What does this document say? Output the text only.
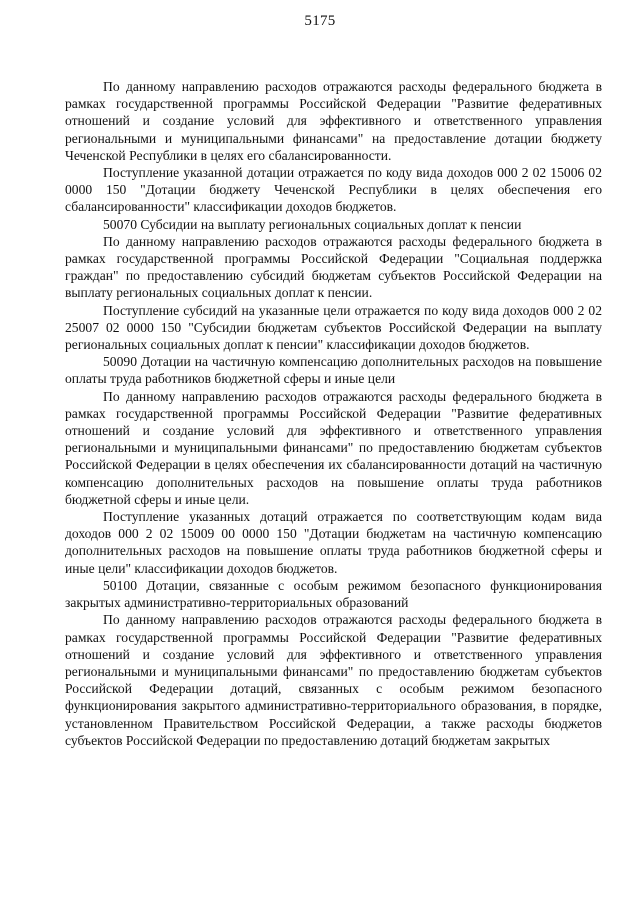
5175

По данному направлению расходов отражаются расходы федерального бюджета в рамках государственной программы Российской Федерации "Развитие федеративных отношений и создание условий для эффективного и ответственного управления региональными и муниципальными финансами" на предоставление дотации бюджету Чеченской Республики в целях его сбалансированности.

Поступление указанной дотации отражается по коду вида доходов 000 2 02 15006 02 0000 150 "Дотации бюджету Чеченской Республики в целях обеспечения его сбалансированности" классификации доходов бюджетов.

50070 Субсидии на выплату региональных социальных доплат к пенсии

По данному направлению расходов отражаются расходы федерального бюджета в рамках государственной программы Российской Федерации "Социальная поддержка граждан" по предоставлению субсидий бюджетам субъектов Российской Федерации на выплату региональных социальных доплат к пенсии.

Поступление субсидий на указанные цели отражается по коду вида доходов 000 2 02 25007 02 0000 150 "Субсидии бюджетам субъектов Российской Федерации на выплату региональных социальных доплат к пенсии" классификации доходов бюджетов.

50090 Дотации на частичную компенсацию дополнительных расходов на повышение оплаты труда работников бюджетной сферы и иные цели

По данному направлению расходов отражаются расходы федерального бюджета в рамках государственной программы Российской Федерации "Развитие федеративных отношений и создание условий для эффективного и ответственного управления региональными и муниципальными финансами" по предоставлению бюджетам субъектов Российской Федерации в целях обеспечения их сбалансированности дотаций на частичную компенсацию дополнительных расходов на повышение оплаты труда работников бюджетной сферы и иные цели.

Поступление указанных дотаций отражается по соответствующим кодам вида доходов 000 2 02 15009 00 0000 150 "Дотации бюджетам на частичную компенсацию дополнительных расходов на повышение оплаты труда работников бюджетной сферы и иные цели" классификации доходов бюджетов.

50100 Дотации, связанные с особым режимом безопасного функционирования закрытых административно-территориальных образований

По данному направлению расходов отражаются расходы федерального бюджета в рамках государственной программы Российской Федерации "Развитие федеративных отношений и создание условий для эффективного и ответственного управления региональными и муниципальными финансами" по предоставлению бюджетам субъектов Российской Федерации дотаций, связанных с особым режимом безопасного функционирования закрытого административно-территориального образования, в порядке, установленном Правительством Российской Федерации, а также расходы бюджетов субъектов Российской Федерации по предоставлению дотаций бюджетам закрытых
